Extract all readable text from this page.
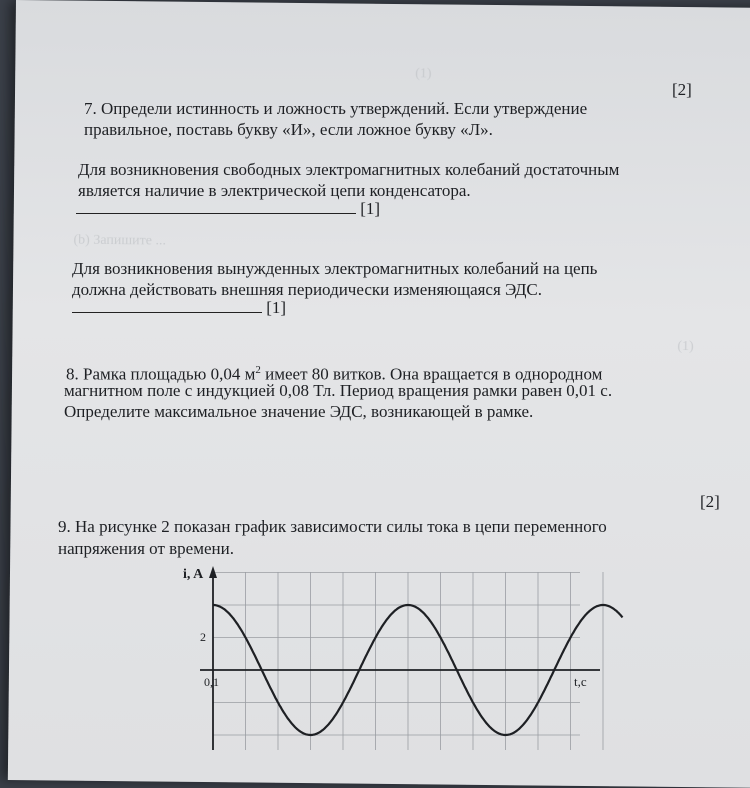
(1)
(b) Запишите ...
(1)
[2]
7. Определи истинность и ложность утверждений. Если утверждение
правильное, поставь букву «И», если ложное букву «Л».
Для возникновения свободных электромагнитных колебаний достаточным
является наличие в электрической цепи конденсатора.
[1]
Для возникновения вынужденных электромагнитных колебаний на цепь
должна действовать внешняя периодически изменяющаяся ЭДС.
[1]
8. Рамка площадью 0,04 $м^2$ имеет 80 витков. Она вращается в однородном
магнитном поле с индукцией 0,08 Тл. Период вращения рамки равен 0,01 с.
Определите максимальное значение ЭДС, возникающей в рамке.
[2]
9. На рисунке 2 показан график зависимости силы тока в цепи переменного
напряжения от времени.
i, A
2
0,1	t,c
